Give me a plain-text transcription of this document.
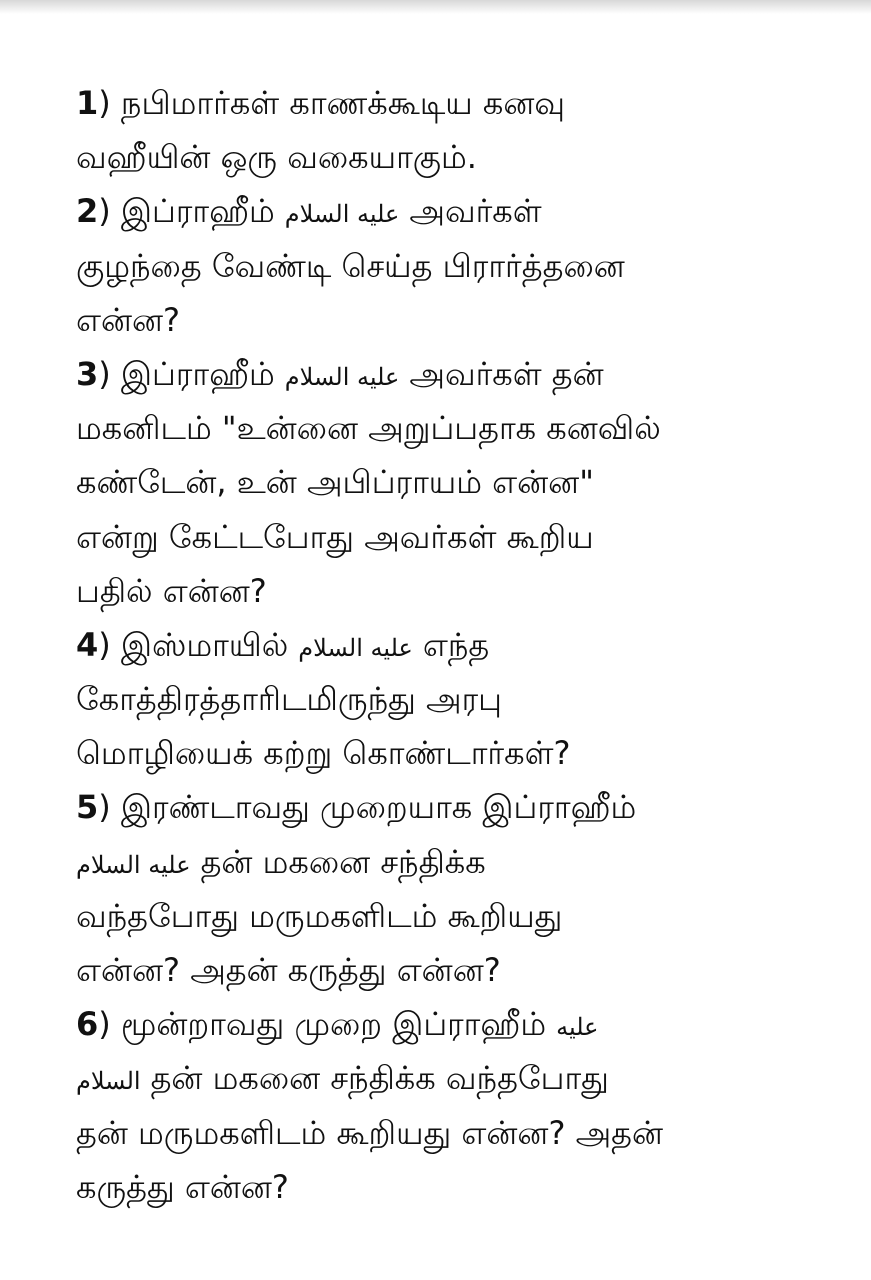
1) நபிமார்கள் காணக்கூடிய கனவு
வஹீயின் ஒரு வகையாகும்.
2) இப்ராஹீம் عليه السلام அவர்கள்
குழந்தை வேண்டி செய்த பிரார்த்தனை
என்ன?
3) இப்ராஹீம் عليه السلام அவர்கள் தன்
மகனிடம் "உன்னை அறுப்பதாக கனவில்
கண்டேன், உன் அபிப்ராயம் என்ன"
என்று கேட்டபோது அவர்கள் கூறிய
பதில் என்ன?
4) இஸ்மாயில் عليه السلام எந்த
கோத்திரத்தாரிடமிருந்து அரபு
மொழியைக் கற்று கொண்டார்கள்?
5) இரண்டாவது முறையாக இப்ராஹீம்
عليه السلام தன் மகனை சந்திக்க
வந்தபோது மருமகளிடம் கூறியது
என்ன? அதன் கருத்து என்ன?
6) மூன்றாவது முறை இப்ராஹீம் عليه
السلام தன் மகனை சந்திக்க வந்தபோது
தன் மருமகளிடம் கூறியது என்ன? அதன்
கருத்து என்ன?
